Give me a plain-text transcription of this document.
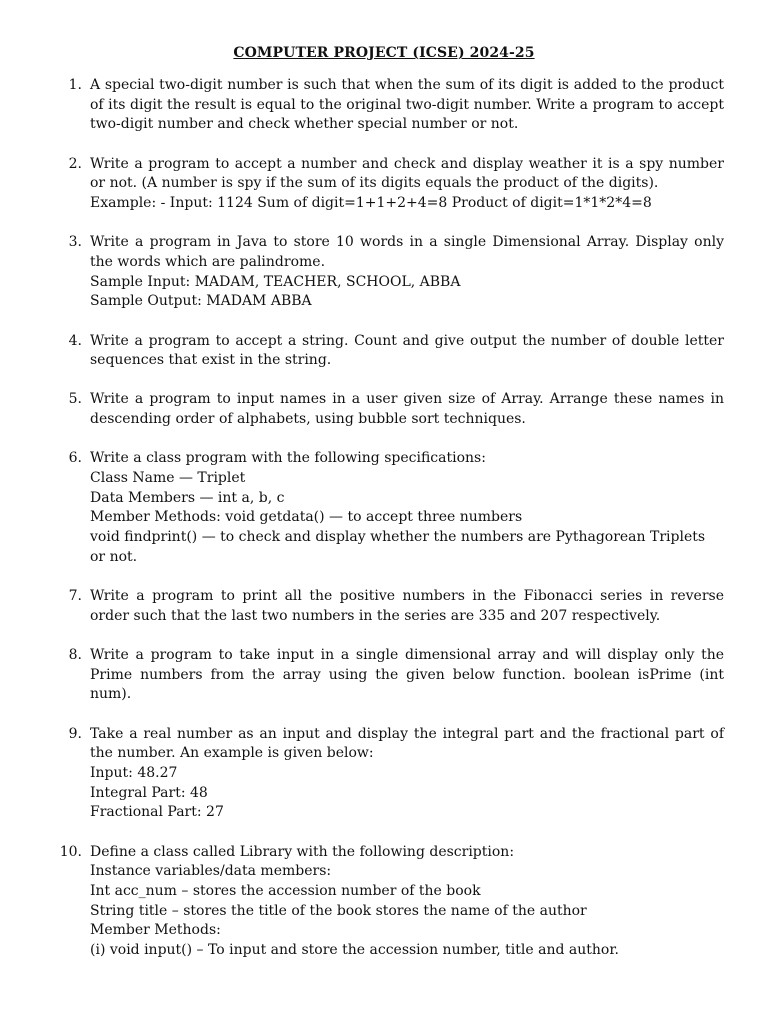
COMPUTER PROJECT (ICSE) 2024-25
1. A special two-digit number is such that when the sum of its digit is added to the product of its digit the result is equal to the original two-digit number. Write a program to accept two-digit number and check whether special number or not.
2. Write a program to accept a number and check and display weather it is a spy number or not. (A number is spy if the sum of its digits equals the product of the digits).
Example: - Input: 1124 Sum of digit=1+1+2+4=8 Product of digit=1*1*2*4=8
3. Write a program in Java to store 10 words in a single Dimensional Array. Display only the words which are palindrome.
Sample Input: MADAM, TEACHER, SCHOOL, ABBA
Sample Output: MADAM ABBA
4. Write a program to accept a string. Count and give output the number of double letter sequences that exist in the string.
5. Write a program to input names in a user given size of Array. Arrange these names in descending order of alphabets, using bubble sort techniques.
6. Write a class program with the following specifications:
Class Name — Triplet
Data Members — int a, b, c
Member Methods: void getdata() — to accept three numbers
void findprint() — to check and display whether the numbers are Pythagorean Triplets or not.
7. Write a program to print all the positive numbers in the Fibonacci series in reverse order such that the last two numbers in the series are 335 and 207 respectively.
8. Write a program to take input in a single dimensional array and will display only the Prime numbers from the array using the given below function. boolean isPrime (int num).
9. Take a real number as an input and display the integral part and the fractional part of the number. An example is given below:
Input: 48.27
Integral Part: 48
Fractional Part: 27
10. Define a class called Library with the following description:
Instance variables/data members:
Int acc_num – stores the accession number of the book
String title – stores the title of the book stores the name of the author
Member Methods:
(i) void input() – To input and store the accession number, title and author.
